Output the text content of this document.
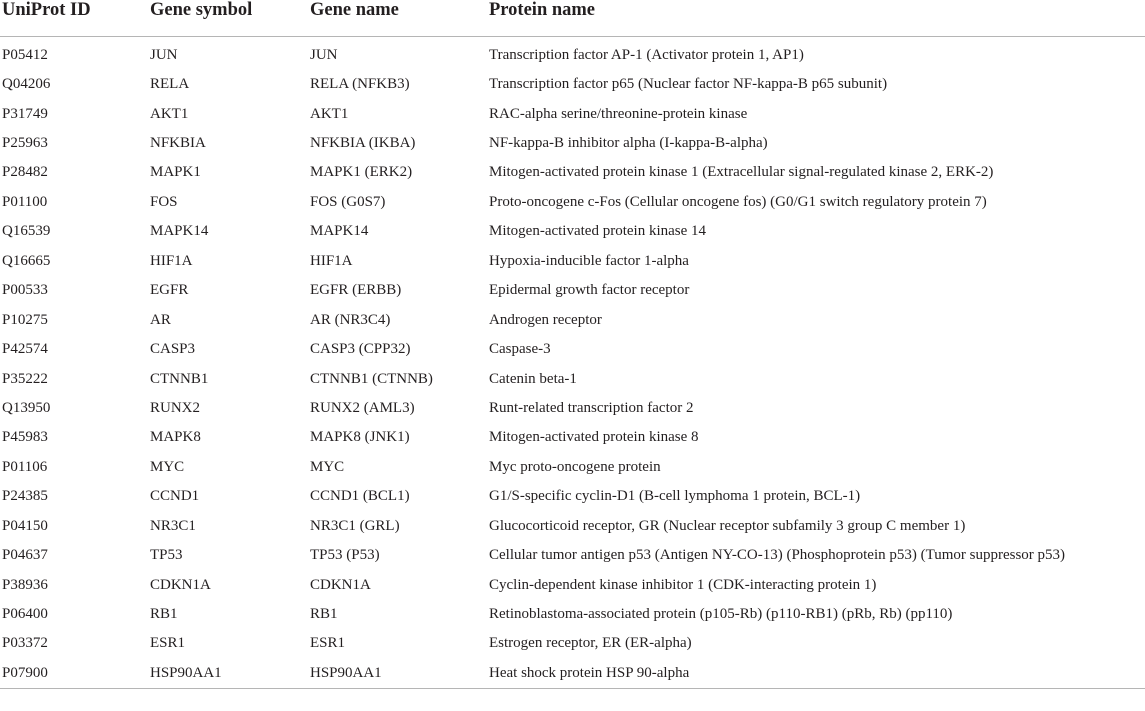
UniProt ID	Gene symbol	Gene name	Protein name

P05412	JUN	JUN	Transcription factor AP-1 (Activator protein 1, AP1)
Q04206	RELA	RELA (NFKB3)	Transcription factor p65 (Nuclear factor NF-kappa-B p65 subunit)
P31749	AKT1	AKT1	RAC-alpha serine/threonine-protein kinase
P25963	NFKBIA	NFKBIA (IKBA)	NF-kappa-B inhibitor alpha (I-kappa-B-alpha)
P28482	MAPK1	MAPK1 (ERK2)	Mitogen-activated protein kinase 1 (Extracellular signal-regulated kinase 2, ERK-2)
P01100	FOS	FOS (G0S7)	Proto-oncogene c-Fos (Cellular oncogene fos) (G0/G1 switch regulatory protein 7)
Q16539	MAPK14	MAPK14	Mitogen-activated protein kinase 14
Q16665	HIF1A	HIF1A	Hypoxia-inducible factor 1-alpha
P00533	EGFR	EGFR (ERBB)	Epidermal growth factor receptor
P10275	AR	AR (NR3C4)	Androgen receptor
P42574	CASP3	CASP3 (CPP32)	Caspase-3
P35222	CTNNB1	CTNNB1 (CTNNB)	Catenin beta-1
Q13950	RUNX2	RUNX2 (AML3)	Runt-related transcription factor 2
P45983	MAPK8	MAPK8 (JNK1)	Mitogen-activated protein kinase 8
P01106	MYC	MYC	Myc proto-oncogene protein
P24385	CCND1	CCND1 (BCL1)	G1/S-specific cyclin-D1 (B-cell lymphoma 1 protein, BCL-1)
P04150	NR3C1	NR3C1 (GRL)	Glucocorticoid receptor, GR (Nuclear receptor subfamily 3 group C member 1)
P04637	TP53	TP53 (P53)	Cellular tumor antigen p53 (Antigen NY-CO-13) (Phosphoprotein p53) (Tumor suppressor p53)
P38936	CDKN1A	CDKN1A	Cyclin-dependent kinase inhibitor 1 (CDK-interacting protein 1)
P06400	RB1	RB1	Retinoblastoma-associated protein (p105-Rb) (p110-RB1) (pRb, Rb) (pp110)
P03372	ESR1	ESR1	Estrogen receptor, ER (ER-alpha)
P07900	HSP90AA1	HSP90AA1	Heat shock protein HSP 90-alpha
